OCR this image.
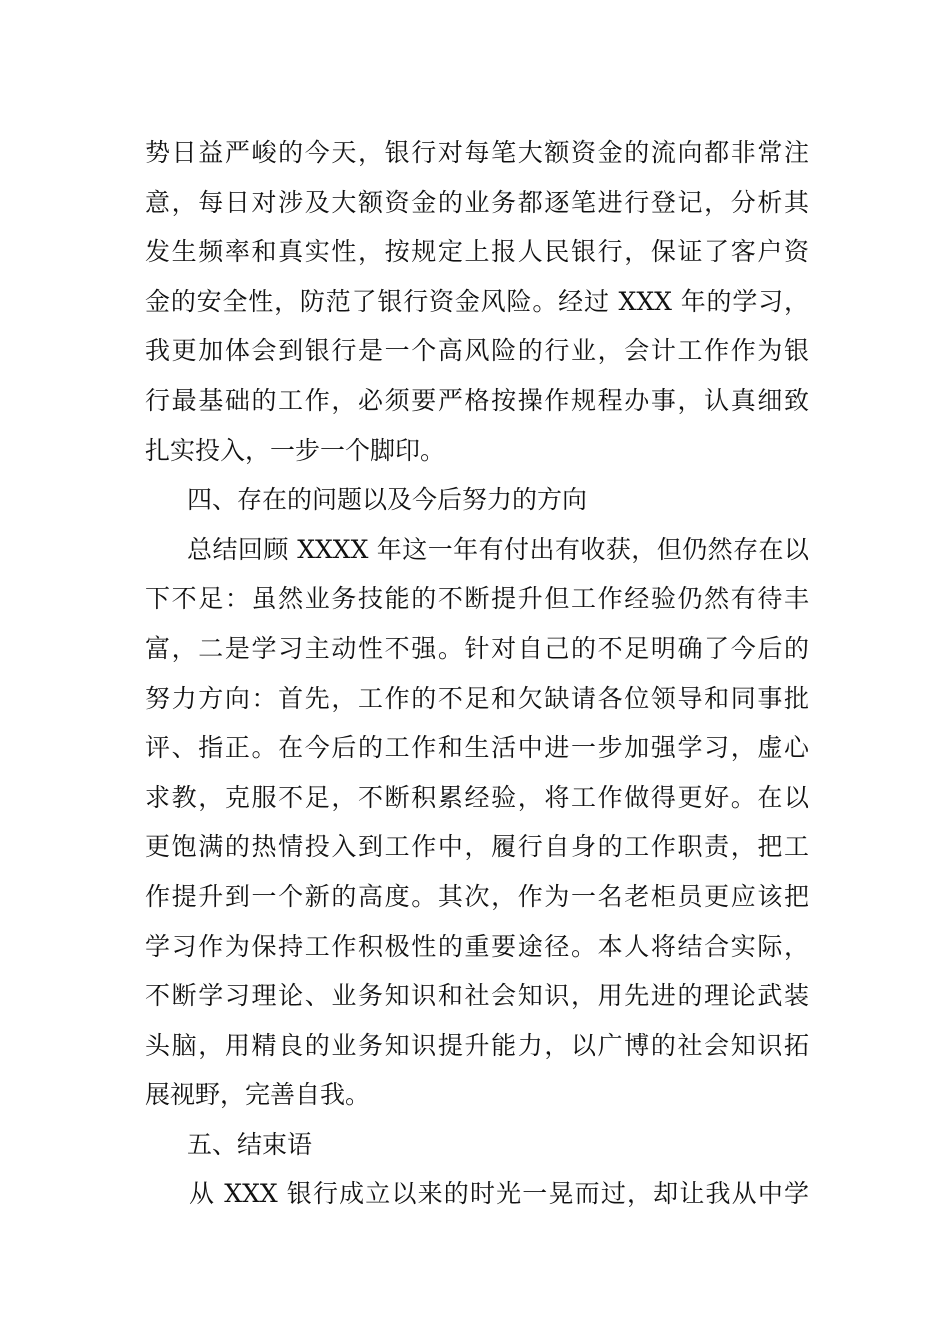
势日益严峻的今天，银行对每笔大额资金的流向都非常注
意，每日对涉及大额资金的业务都逐笔进行登记，分析其
发生频率和真实性，按规定上报人民银行，保证了客户资
金的安全性，防范了银行资金风险。经过 XXX 年的学习，
我更加体会到银行是一个高风险的行业，会计工作作为银
行最基础的工作，必须要严格按操作规程办事，认真细致
扎实投入，一步一个脚印。
四、存在的问题以及今后努力的方向
总结回顾 XXXX 年这一年有付出有收获，但仍然存在以
下不足：虽然业务技能的不断提升但工作经验仍然有待丰
富，二是学习主动性不强。针对自己的不足明确了今后的
努力方向：首先，工作的不足和欠缺请各位领导和同事批
评、指正。在今后的工作和生活中进一步加强学习，虚心
求教，克服不足，不断积累经验，将工作做得更好。在以
更饱满的热情投入到工作中，履行自身的工作职责，把工
作提升到一个新的高度。其次，作为一名老柜员更应该把
学习作为保持工作积极性的重要途径。本人将结合实际，
不断学习理论、业务知识和社会知识，用先进的理论武装
头脑，用精良的业务知识提升能力，以广博的社会知识拓
展视野，完善自我。
五、结束语
从 XXX 银行成立以来的时光一晃而过，却让我从中学
